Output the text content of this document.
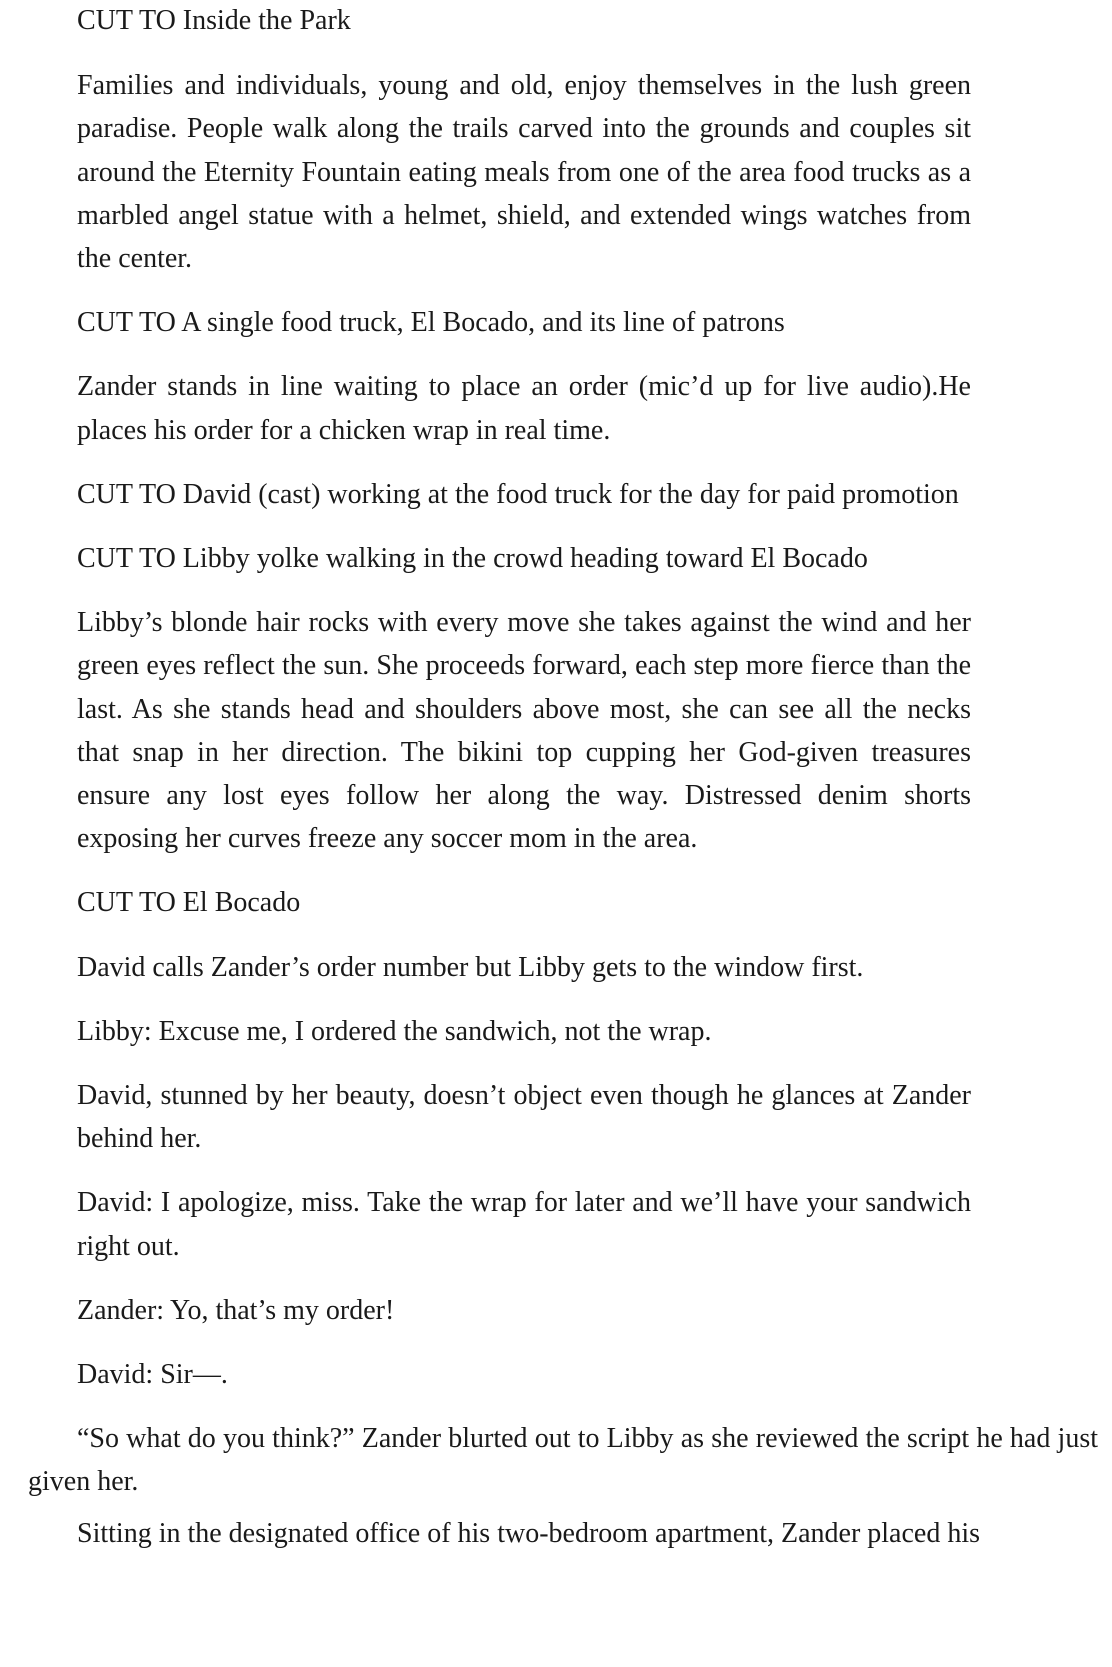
CUT TO Inside the Park

Families and individuals, young and old, enjoy themselves in the lush green paradise. People walk along the trails carved into the grounds and couples sit around the Eternity Fountain eating meals from one of the area food trucks as a marbled angel statue with a helmet, shield, and extended wings watches from the center.

CUT TO A single food truck, El Bocado, and its line of patrons

Zander stands in line waiting to place an order (mic’d up for live audio).He places his order for a chicken wrap in real time.

CUT TO David (cast) working at the food truck for the day for paid promotion

CUT TO Libby yolke walking in the crowd heading toward El Bocado

Libby’s blonde hair rocks with every move she takes against the wind and her green eyes reflect the sun. She proceeds forward, each step more fierce than the last. As she stands head and shoulders above most, she can see all the necks that snap in her direction. The bikini top cupping her God-given treasures ensure any lost eyes follow her along the way. Distressed denim shorts exposing her curves freeze any soccer mom in the area.

CUT TO El Bocado

David calls Zander’s order number but Libby gets to the window first.

Libby: Excuse me, I ordered the sandwich, not the wrap.

David, stunned by her beauty, doesn’t object even though he glances at Zander behind her.

David: I apologize, miss. Take the wrap for later and we’ll have your sandwich right out.

Zander: Yo, that’s my order!

David: Sir—.

“So what do you think?” Zander blurted out to Libby as she reviewed the script he had just given her.

Sitting in the designated office of his two-bedroom apartment, Zander placed his
